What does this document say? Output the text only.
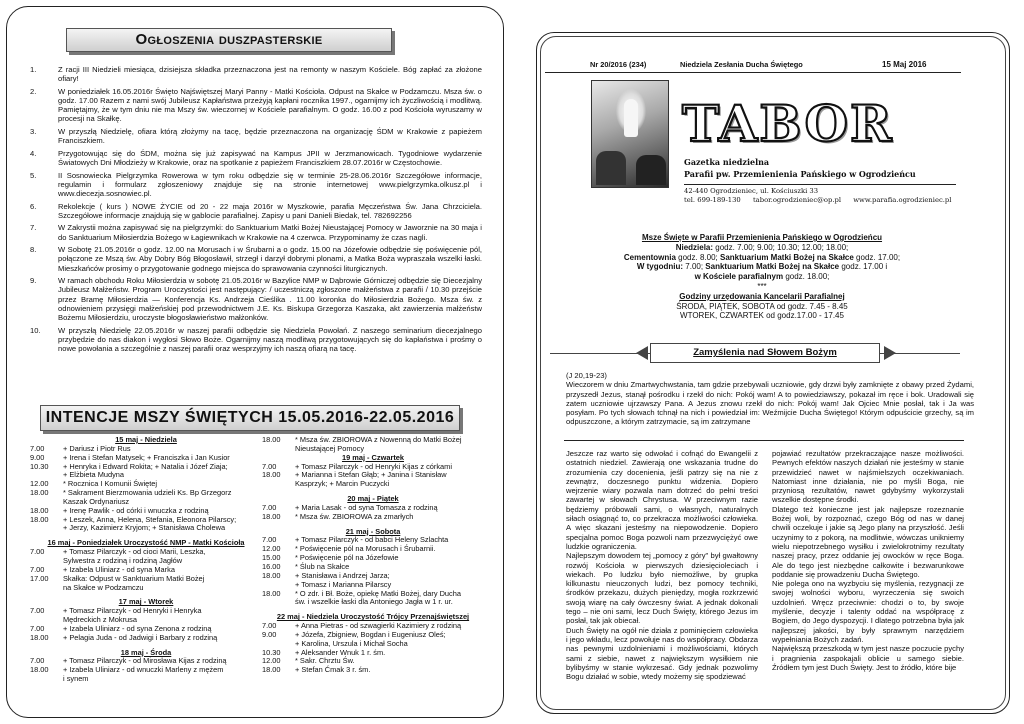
Ogłoszenia duszpasterskie
1.	Z racji III Niedzieli miesiąca, dzisiejsza składka przeznaczona jest na remonty w naszym Kościele. Bóg zapłać za złożone ofiary!
2.	W poniedziałek 16.05.2016r Święto Najświętszej Maryi Panny - Matki Kościoła. Odpust na Skałce w Podzamczu. Msza św. o godz. 17.00 Razem z nami swój Jubileusz Kapłaństwa przeżyją kapłani rocznika 1997., ogarnijmy ich życzliwością i modlitwą. Pamiętajmy, że w tym dniu nie ma Mszy św. wieczornej w Kościele parafialnym. O godz. 16.00 z pod Kościoła wyruszamy w procesji na Skałkę.
3.	W przyszłą Niedzielę, ofiara którą złożymy na tacę, będzie przeznaczona na organizację ŚDM w Krakowie z papieżem Franciszkiem.
4.	Przygotowując się do ŚDM, można się już zapisywać na Kampus JPII w Jerzmanowicach. Tygodniowe wydarzenie Światowych Dni Młodzieży w Krakowie, oraz na spotkanie z papieżem Franciszkiem 28.07.2016r w Częstochowie.
5.	II Sosnowiecka Pielgrzymka Rowerowa w tym roku odbędzie się w terminie 25-28.06.2016r Szczegółowe informacje, regulamin i formularz zgłoszeniowy znajduje się na stronie internetowej www.pielgrzymka.olkusz.pl i www.diecezja.sosnowiec.pl.
6.	Rekolekcje ( kurs ) NOWE ŻYCIE od 20 - 22 maja 2016r w Myszkowie, parafia Męczeństwa Św. Jana Chrzciciela. Szczegółowe informacje znajdują się w gablocie parafialnej. Zapisy u pani Danieli Biedak, tel. 782692256
7.	W Zakrystii można zapisywać się na pielgrzymki: do Sanktuarium Matki Bożej Nieustającej Pomocy w Jaworznie na 30 maja i do Sanktuarium Miłosierdzia Bożego w Łagiewnikach w Krakowie na 4 czerwca. Przypominamy że czas nagli.
8.	W Sobotę 21.05.2016r o godz. 12.00 na Morusach i w Śrubarni a o godz. 15.00 na Józefowie odbędzie się poświęcenie pól, połączone ze Mszą św. Aby Dobry Bóg Błogosławił, strzegł i darzył dobrymi plonami, a Matka Boża wypraszała wszelki łaski. Mieszkańców prosimy o przygotowanie godnego miejsca do sprawowania czynności liturgicznych.
9.	W ramach obchodu Roku Miłosierdzia w sobotę 21.05.2016r w Bazylice NMP w Dąbrowie Górniczej odbędzie się Diecezjalny Jubileusz Małżeństw. Program Uroczystości jest następujący: / uczestniczą zgłoszone małżeństwa z parafii / 10.30 przejście przez Bramę Miłosierdzia — Konferencja Ks. Andrzeja Cieślika . 11.00 koronka do Miłosierdzia Bożego. Msza św. z odnowieniem przysięgi małżeńskiej pod przewodnictwem J.E. Ks. Biskupa Grzegorza Kaszaka, akt zawierzenia małżeństw Bożemu Miłosierdziu, uroczyste błogosławieństwo małżonków.
10.	W przyszłą Niedzielę 22.05.2016r w naszej parafii odbędzie się Niedziela Powołań. Z naszego seminarium diecezjalnego przybędzie do nas diakon i wygłosi Słowo Boże. Ogarnijmy naszą modlitwą przygotowujących się do kapłaństwa i prośmy o nowe powołania a szczególnie z naszej parafii oraz wesprzyjmy ich naszą ofiarą na tacę.
INTENCJE MSZY ŚWIĘTYCH 15.05.2016-22.05.2016
15 maj - Niedziela
7.00	+ Dariusz i Piotr Rus
9.00	+ Irena i Stefan Matysek; + Franciszka i Jan Kusior
10.30	+ Henryka i Edward Rokita; + Natalia i Józef Ziaja;
+ Elżbieta Mudyna
12.00	* Rocznica I Komunii Świętej
18.00	* Sakrament Bierzmowania udzieli Ks. Bp Grzegorz
Kaszak Ordynariusz
18.00	+ Irenę Pawlik - od córki i wnuczka z rodziną
18.00	+ Leszek, Anna, Helena, Stefania, Eleonora Pilarscy;
+ Jerzy, Kazimierz Kryjom; + Stanisława Cholewa
16 maj - Poniedziałek Uroczystość NMP - Matki Kościoła
7.00	+ Tomasz Pilarczyk - od cioci Marii, Leszka,
Sylwestra z rodziną i rodziną Jagłów
7.00	+ Izabela Uliniarz - od syna Marka
17.00	Skałka: Odpust w Sanktuarium Matki Bożej
na Skałce w Podzamczu
17 maj - Wtorek
7.00	+ Tomasz Pilarczyk - od Henryki i Henryka
Mędreckich z Mokrusa
7.00	+ Izabela Uliniarz - od syna Zenona z rodziną
18.00	+ Pelagia Juda - od Jadwigi i Barbary z rodziną
18 maj - Środa
7.00	+ Tomasz Pilarczyk - od Mirosława Kijas z rodziną
18.00	+ Izabela Uliniarz - od wnuczki Marleny z mężem
i synem
18.00	* Msza św. ZBIOROWA z Nowenną do Matki Bożej
Nieustającej Pomocy
19 maj - Czwartek
7.00	+ Tomasz Pilarczyk - od Henryki Kijas z córkami
18.00	+ Marianna i Stefan Głąb; + Janina i Stanisław
Kasprzyk; + Marcin Puczycki
20 maj - Piątek
7.00	+ Maria Lasak - od syna Tomasza z rodziną
18.00	* Msza św. ZBIOROWA za zmarłych
21 maj - Sobota
7.00	+ Tomasz Pilarczyk - od babci Heleny Szlachta
12.00	* Poświęcenie pól na Morusach i Śrubarnii.
15.00	* Poświęcenie pól na Józefowie
16.00	* Ślub na Skałce
18.00	+ Stanisława i Andrzej Jarza;
+ Tomasz i Marianna Pilarscy
18.00	* O zdr. i Bł. Boże, opiekę Matki Bożej, dary Ducha
św. i wszelkie łaski dla Antoniego Jagła w 1 r. ur.
22 maj - Niedziela Uroczystość Trójcy Przenajświętszej
7.00	+ Anna Pietras - od szwagierki Kazimiery z rodziną
9.00	+ Józefa, Zbigniew, Bogdan i Eugeniusz Oleś;
+ Karolina, Urszula i Michał Socha
10.30	+ Aleksander Wnuk 1 r. śm.
12.00	* Sakr. Chrztu Św.
18.00	+ Stefan Ćmak 3 r. śm.
Nr 20/2016 (234)	Niedziela Zesłania Ducha Świętego	15 Maj 2016
TABOR
Gazetka niedzielna
Parafii pw. Przemienienia Pańskiego w Ogrodzieńcu
42-440 Ogrodzieniec, ul. Kościuszki 33
tel. 699-189-130 tabor.ogrodzieniec@op.pl www.parafia.ogrodzieniec.pl
Msze Święte w Parafii Przemienienia Pańskiego w Ogrodzieńcu
Niedziela: godz. 7.00; 9.00; 10.30; 12.00; 18.00;
Cementownia godz. 8.00; Sanktuarium Matki Bożej na Skałce godz. 17.00;
W tygodniu: 7.00; Sanktuarium Matki Bożej na Skałce godz. 17.00 i
w Kościele parafialnym godz. 18.00;
***
Godziny urzędowania Kancelarii Parafialnej
ŚRODA, PIĄTEK, SOBOTA od godz. 7.45 - 8.45
WTOREK, CZWARTEK od godz.17.00 - 17.45
Zamyślenia nad Słowem Bożym
(J 20,19-23)
Wieczorem w dniu Zmartwychwstania, tam gdzie przebywali uczniowie, gdy drzwi były zamknięte z obawy przed Żydami, przyszedł Jezus, stanął pośrodku i rzekł do nich: Pokój wam! A to powiedziawszy, pokazał im ręce i bok. Uradowali się zatem uczniowie ujrzawszy Pana. A Jezus znowu rzekł do nich: Pokój wam! Jak Ojciec Mnie posłał, tak i Ja was posyłam. Po tych słowach tchnął na nich i powiedział im: Weźmijcie Ducha Świętego! Którym odpuścicie grzechy, są im odpuszczone, a którym zatrzymacie, są im zatrzymane

Jeszcze raz warto się odwołać i cofnąć do Ewangelii z ostatnich niedziel. Zawierają one wskazania trudne do zrozumienia czy docenienia, jeśli patrzy się na nie z zewnątrz, doczesnego punktu widzenia. Dopiero wejrzenie wiary pozwala nam dotrzeć do pełni treści zawartej w słowach Chrystusa. W przeciwnym razie będziemy próbowali sami, o własnych, naturalnych siłach osiągnąć to, co przekracza możliwości człowieka. A więc skazani jesteśmy na niepowodzenie. Dopiero specjalna pomoc Boga pozwoli nam przezwyciężyć owe ludzkie ograniczenia.

Najlepszym dowodem tej „pomocy z góry" był gwałtowny rozwój Kościoła w pierwszych dziesięcioleciach i wiekach. Po ludzku było niemożliwe, by grupka kilkunastu nieuczonych ludzi, bez pomocy techniki, środków przekazu, dużych pieniędzy, mogła rozkrzewić swoją wiarę na cały ówczesny świat. A jednak dokonali tego – nie oni sami, lecz Duch Święty, którego Jezus im posłał, tak jak obiecał.

Duch Święty na ogół nie działa z pominięciem człowieka i jego wkładu, lecz powołuje nas do współpracy. Obdarza nas pewnymi uzdolnieniami i możliwościami, których sami z siebie, nawet z największym wysiłkiem nie bylibyśmy w stanie wykrzesać. Gdy jednak pozwolimy Bogu działać w sobie, wtedy możemy się spodziewać

pojawiać rezultatów przekraczające nasze możliwości. Pewnych efektów naszych działań nie jesteśmy w stanie przewidzieć nawet w najśmielszych oczekiwaniach. Natomiast inne działania, nie po myśli Boga, nie przyniosą rezultatów, nawet gdybyśmy wykorzystali wszelkie dostępne środki.

Dlatego też konieczne jest jak najlepsze rozeznanie Bożej woli, by rozpoznać, czego Bóg od nas w danej chwili oczekuje i jakie są Jego plany na przyszłość. Jeśli uczynimy to z pokorą, na modlitwie, wówczas unikniemy wielu niepotrzebnego wysiłku i zwielokrotnimy rezultaty naszej pracy, przez oddanie jej owocków w ręce Boga. Ale do tego jest niezbędne całkowite i bezwarunkowe poddanie się prowadzeniu Ducha Świętego.

Nie polega ono na wyzbyciu się myślenia, rezygnacji ze swojej wolności wyboru, wyrzeczenia się swoich uzdolnień. Wręcz przeciwnie: chodzi o to, by swoje myślenie, decyzje i talenty oddać na współpracę z Bogiem, do Jego dyspozycji. I dlatego potrzebna była jak najlepszej jakości, by były sprawnym narzędziem wypełniania Bożych zadań.

Największą przeszkodą w tym jest nasze poczucie pychy i pragnienia zaspokajali oblicie u samego siebie. Źródłem tym jest Duch Święty. Jest to źródło, które bije
